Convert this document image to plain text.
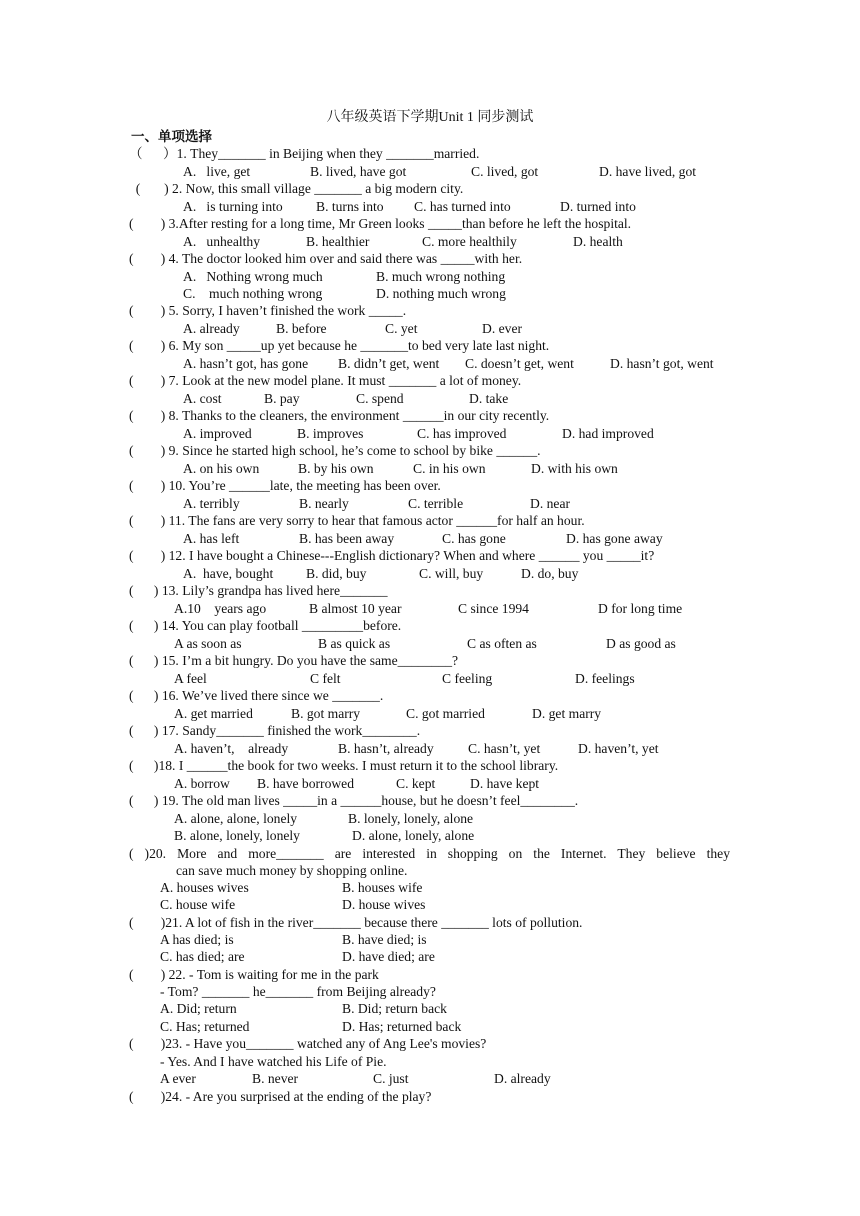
八年级英语下学期Unit 1 同步测试
一、单项选择
（      ）1. They_______ in Beijing when they _______married.

A.   live, get

	B. lived, have got

	C. lived, got

	D. have lived, got

(       ) 2. Now, this small village _______ a big modern city.

A.   is turning into

B. turns into

C. has turned into

	D. turned into

(        ) 3.After resting for a long time, Mr Green looks _____than before he left the hospital.

A.   unhealthy

	B. healthier

	C. more healthily

	D. health

(        ) 4. The doctor looked him over and said there was _____with her.

A.   Nothing wrong much

	B. much wrong nothing

C.    much nothing wrong

	D. nothing much wrong

(        ) 5. Sorry, I haven’t finished the work _____.

A. already

	B. before

	C. yet

	D. ever

(        ) 6. My son _____up yet because he _______to bed very late last night.

A. hasn’t got, has gone

B. didn’t get, went

C. doesn’t get, went

	D. hasn’t got, went

(        ) 7. Look at the new model plane. It must _______ a lot of money.

A. cost

	B. pay

	C. spend

	D. take

(        ) 8. Thanks to the cleaners, the environment ______in our city recently.

A. improved

	B. improves

	C. has improved

	D. had improved

(        ) 9. Since he started high school, he’s come to school by bike ______.

A. on his own

	B. by his own

	C. in his own

	D. with his own

(        ) 10. You’re ______late, the meeting has been over.

A. terribly

	B. nearly

	C. terrible

	D. near

(        ) 11. The fans are very sorry to hear that famous actor ______for half an hour.

A. has left

	B. has been away

	C. has gone

	D. has gone away

(        ) 12. I have bought a Chinese---English dictionary? When and where ______ you _____it?

A.  have, bought

B. did, buy

	C. will, buy

	D. do, buy

(      ) 13. Lily’s grandpa has lived here_______

A.10    years ago

	B almost 10 year

	C since 1994

	D for long time

(      ) 14. You can play football _________before.

A as soon as

	B as quick as

	C as often as

	D as good as

(      ) 15. I’m a bit hungry. Do you have the same________?

A feel

	C felt

	C feeling

	D. feelings

(      ) 16. We’ve lived there since we _______.

A. get married

	B. got marry

	C. got married

	D. get marry

(      ) 17. Sandy_______ finished the work________.

A. haven’t,    already

	B. hasn’t, already

	C. hasn’t, yet

	D. haven’t, yet

(      )18. I ______the book for two weeks. I must return it to the school library.

A. borrow

B. have borrowed

	C. kept

	D. have kept

(      ) 19. The old man lives _____in a ______house, but he doesn’t feel________.

A. alone, alone, lonely

	B. lonely, lonely, alone

B. alone, lonely, lonely

	D. alone, lonely, alone

( )20. More and more_______ are interested in shopping on the Internet. They believe they
can save much money by shopping online.

A. houses wives

	B. houses wife

C. house wife

	D. house wives

(        )21. A lot of fish in the river_______ because there _______ lots of pollution.

A has died; is

	B. have died; is

C. has died; are

	D. have died; are

(        ) 22. - Tom is waiting for me in the park
- Tom? _______ he_______ from Beijing already?

A. Did; return

	B. Did; return back

C. Has; returned

	D. Has; returned back

(        )23. - Have you_______ watched any of Ang Lee's movies?
- Yes. And I have watched his Life of Pie.

A ever

	B. never

	C. just

	D. already

(        )24. - Are you surprised at the ending of the play?
